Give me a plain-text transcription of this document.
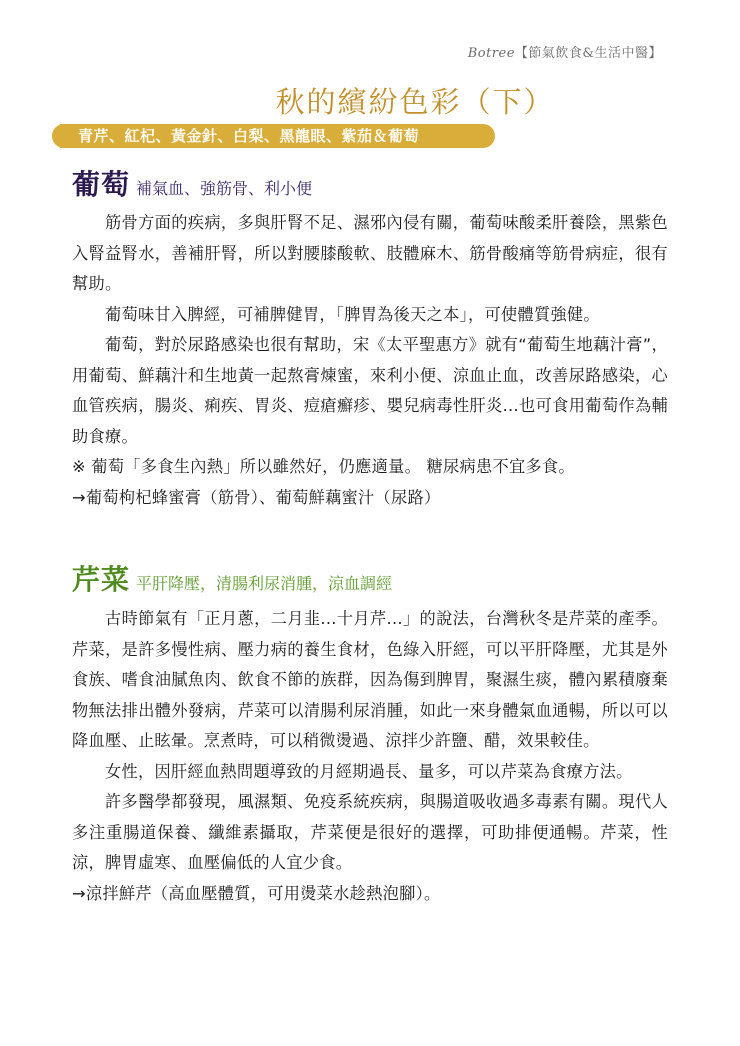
Botree【節氣飲食&生活中醫】
秋的繽紛色彩（下）
青芹、紅杞、黃金針、白梨、黑龍眼、紫茄＆葡萄
葡萄 補氣血、強筋骨、利小便

筋骨方面的疾病，多與肝腎不足、濕邪內侵有關，葡萄味酸柔肝養陰，黑紫色入腎益腎水，善補肝腎，所以對腰膝酸軟、肢體麻木、筋骨酸痛等筋骨病症，很有幫助。

葡萄味甘入脾經，可補脾健胃，「脾胃為後天之本」，可使體質強健。

葡萄，對於尿路感染也很有幫助，宋《太平聖惠方》就有“葡萄生地藕汁膏”，用葡萄、鮮藕汁和生地黃一起熬膏煉蜜，來利小便、涼血止血，改善尿路感染，心血管疾病，腸炎、痢疾、胃炎、痘瘡癬疹、嬰兒病毒性肝炎...也可食用葡萄作為輔助食療。

※ 葡萄「多食生內熱」所以雖然好，仍應適量。 糖尿病患不宜多食。

→葡萄枸杞蜂蜜膏（筋骨）、葡萄鮮藕蜜汁（尿路）

芹菜 平肝降壓，清腸利尿消腫，涼血調經

古時節氣有「正月蔥，二月韭...十月芹...」的說法，台灣秋冬是芹菜的產季。芹菜，是許多慢性病、壓力病的養生食材，色綠入肝經，可以平肝降壓，尤其是外食族、嗜食油膩魚肉、飲食不節的族群，因為傷到脾胃，聚濕生痰，體內累積廢棄物無法排出體外發病，芹菜可以清腸利尿消腫，如此一來身體氣血通暢，所以可以降血壓、止眩暈。烹煮時，可以稍微燙過、涼拌少許鹽、醋，效果較佳。

女性，因肝經血熱問題導致的月經期過長、量多，可以芹菜為食療方法。

許多醫學都發現，風濕類、免疫系統疾病，與腸道吸收過多毒素有關。現代人多注重腸道保養、纖維素攝取，芹菜便是很好的選擇，可助排便通暢。芹菜，性涼，脾胃虛寒、血壓偏低的人宜少食。

→涼拌鮮芹（高血壓體質，可用燙菜水趁熱泡腳）。
